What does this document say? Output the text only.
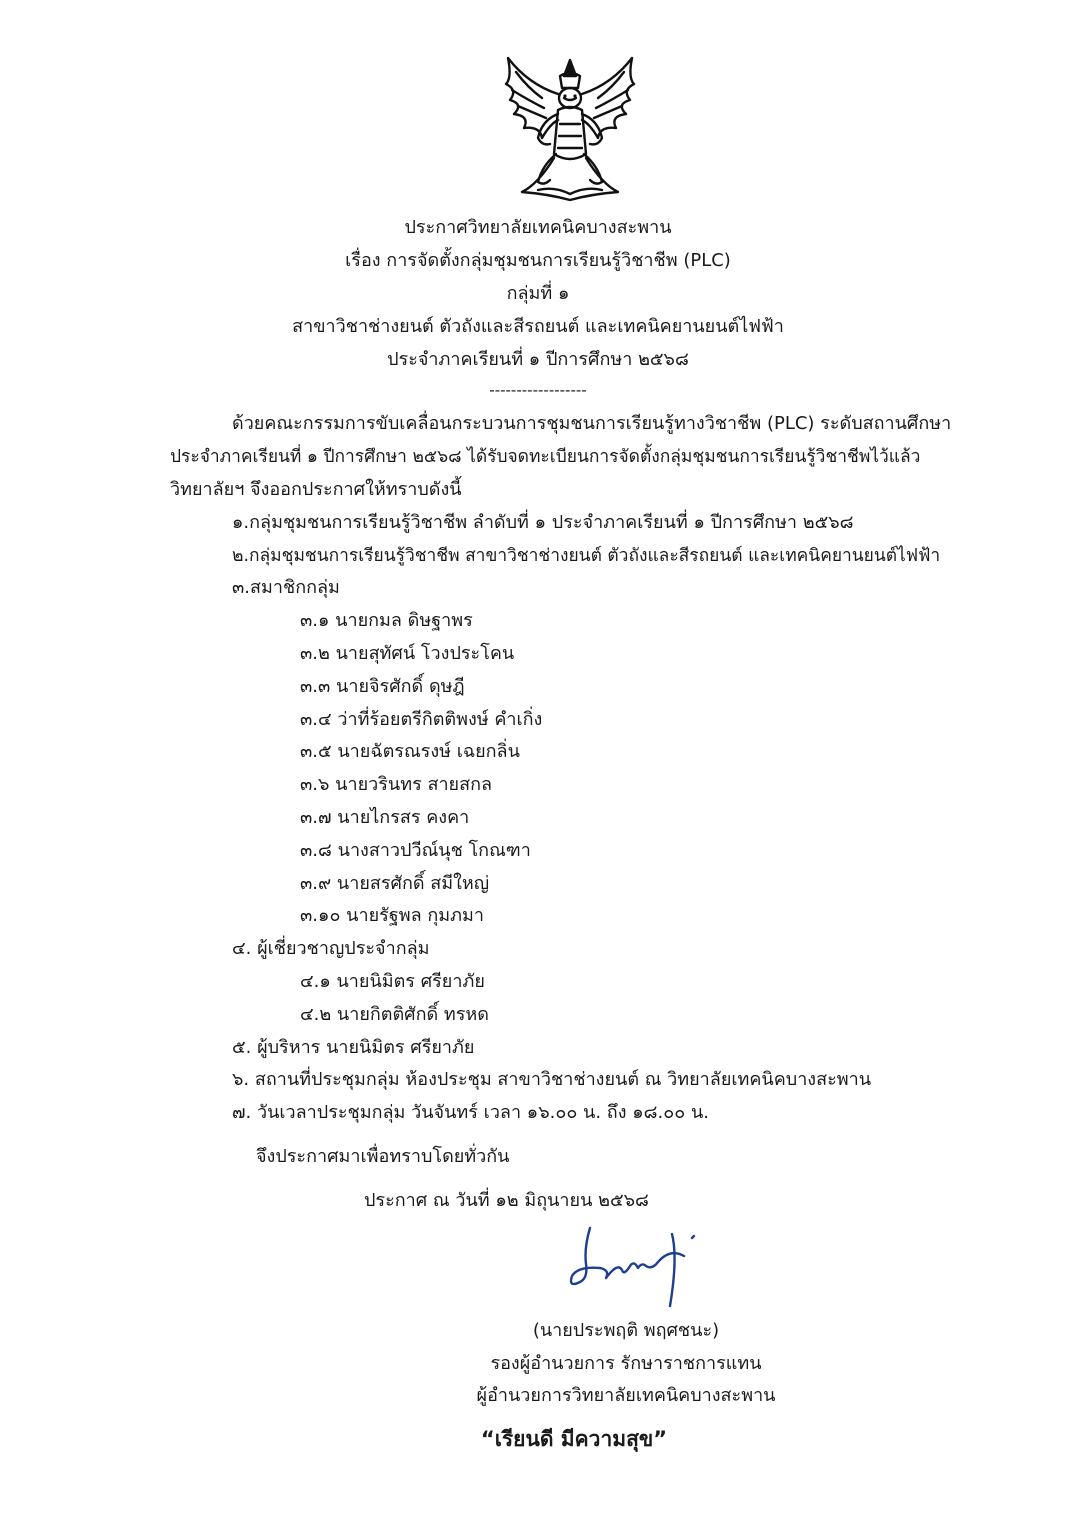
ประกาศวิทยาลัยเทคนิคบางสะพาน
เรื่อง การจัดตั้งกลุ่มชุมชนการเรียนรู้วิชาชีพ (PLC)
กลุ่มที่ ๑
สาขาวิชาช่างยนต์ ตัวถังและสีรถยนต์ และเทคนิคยานยนต์ไฟฟ้า
ประจำภาคเรียนที่ ๑ ปีการศึกษา ๒๕๖๘
------------------
ด้วยคณะกรรมการขับเคลื่อนกระบวนการชุมชนการเรียนรู้ทางวิชาชีพ (PLC) ระดับสถานศึกษา
ประจำภาคเรียนที่ ๑ ปีการศึกษา ๒๕๖๘ ได้รับจดทะเบียนการจัดตั้งกลุ่มชุมชนการเรียนรู้วิชาชีพไว้แล้ว
วิทยาลัยฯ จึงออกประกาศให้ทราบดังนี้
๑.กลุ่มชุมชนการเรียนรู้วิชาชีพ ลำดับที่ ๑ ประจำภาคเรียนที่ ๑ ปีการศึกษา ๒๕๖๘
๒.กลุ่มชุมชนการเรียนรู้วิชาชีพ สาขาวิชาช่างยนต์ ตัวถังและสีรถยนต์ และเทคนิคยานยนต์ไฟฟ้า
๓.สมาชิกกลุ่ม
๓.๑ นายกมล ดิษฐาพร
๓.๒ นายสุทัศน์ โวงประโคน
๓.๓ นายจิรศักดิ์ ดุษฎี
๓.๔ ว่าที่ร้อยตรีกิตติพงษ์ คำเกิ่ง
๓.๕ นายฉัตรณรงษ์ เฉยกลิ่น
๓.๖ นายวรินทร สายสกล
๓.๗ นายไกรสร คงคา
๓.๘ นางสาวปวีณ์นุช โกณฑา
๓.๙ นายสรศักดิ์ สมีใหญ่
๓.๑๐ นายรัฐพล กุมภมา
๔. ผู้เชี่ยวชาญประจำกลุ่ม
๔.๑ นายนิมิตร ศรียาภัย
๔.๒ นายกิตติศักดิ์ ทรหด
๕. ผู้บริหาร นายนิมิตร ศรียาภัย
๖. สถานที่ประชุมกลุ่ม ห้องประชุม สาขาวิชาช่างยนต์ ณ วิทยาลัยเทคนิคบางสะพาน
๗. วันเวลาประชุมกลุ่ม วันจันทร์ เวลา ๑๖.๐๐ น. ถึง ๑๘.๐๐ น.
จึงประกาศมาเพื่อทราบโดยทั่วกัน
ประกาศ ณ วันที่ ๑๒ มิถุนายน ๒๕๖๘
(นายประพฤติ พฤศชนะ)
รองผู้อำนวยการ รักษาราชการแทน
ผู้อำนวยการวิทยาลัยเทคนิคบางสะพาน
“เรียนดี มีความสุข”
